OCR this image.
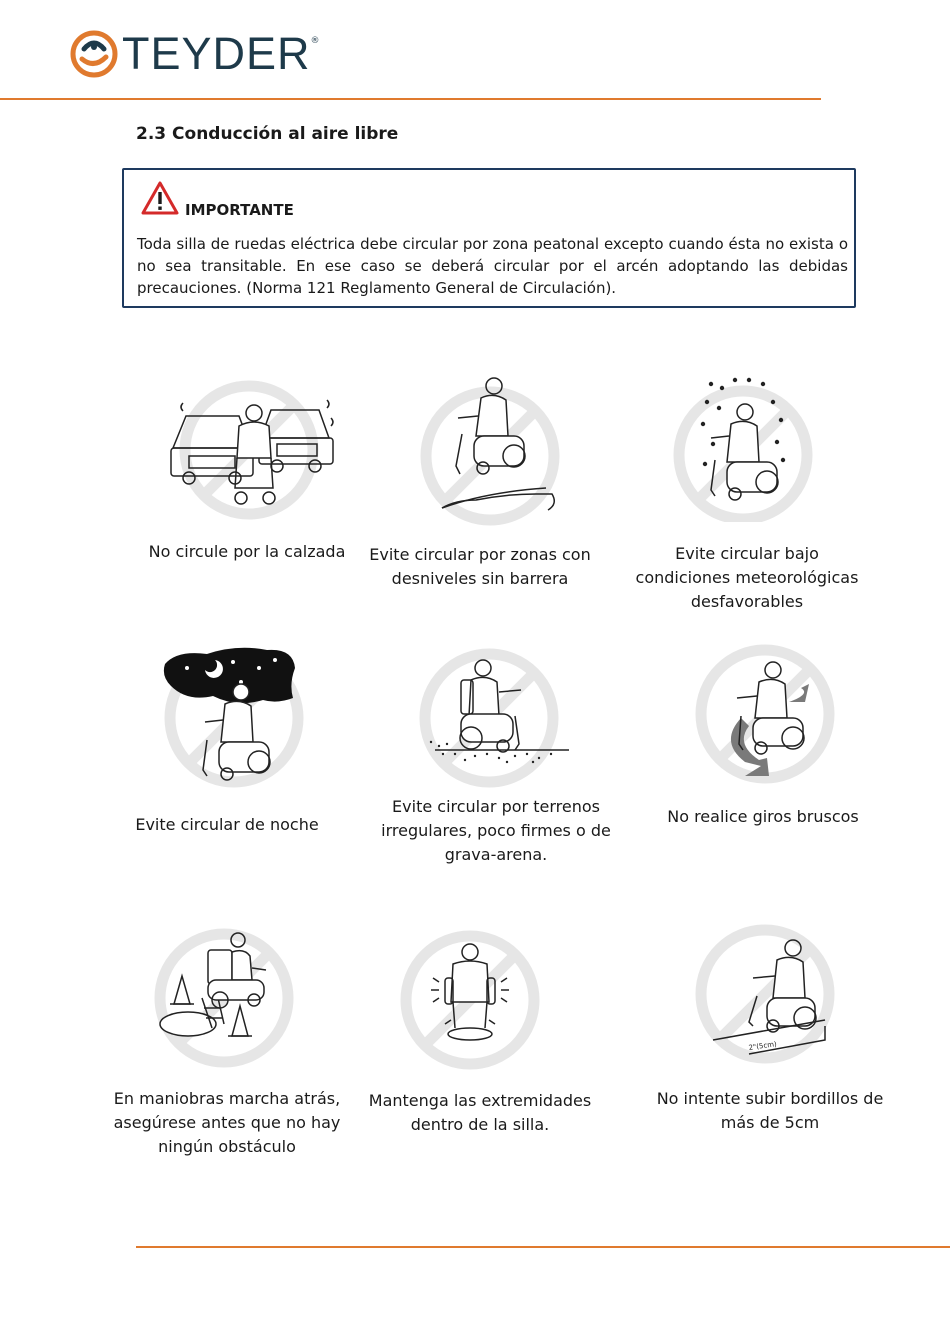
TEYDER ®
2.3 Conducción al aire libre
IMPORTANTE
Toda silla de ruedas eléctrica debe circular por zona peatonal excepto cuando ésta no exista o no sea transitable. En ese caso se deberá circular por el arcén adoptando las debidas precauciones. (Norma 121 Reglamento General de Circulación).
No circule por la calzada	Evite circular por zonas con desniveles sin barrera
Evite circular bajo condiciones meteorológicas desfavorables
Evite circular de noche
Evite circular por terrenos irregulares, poco firmes o de grava-arena.
No realice giros bruscos
En maniobras marcha atrás, asegúrese antes que no hay ningún obstáculo
Mantenga las extremidades dentro de la silla.
2"(5cm)
No intente subir bordillos de más de 5cm
